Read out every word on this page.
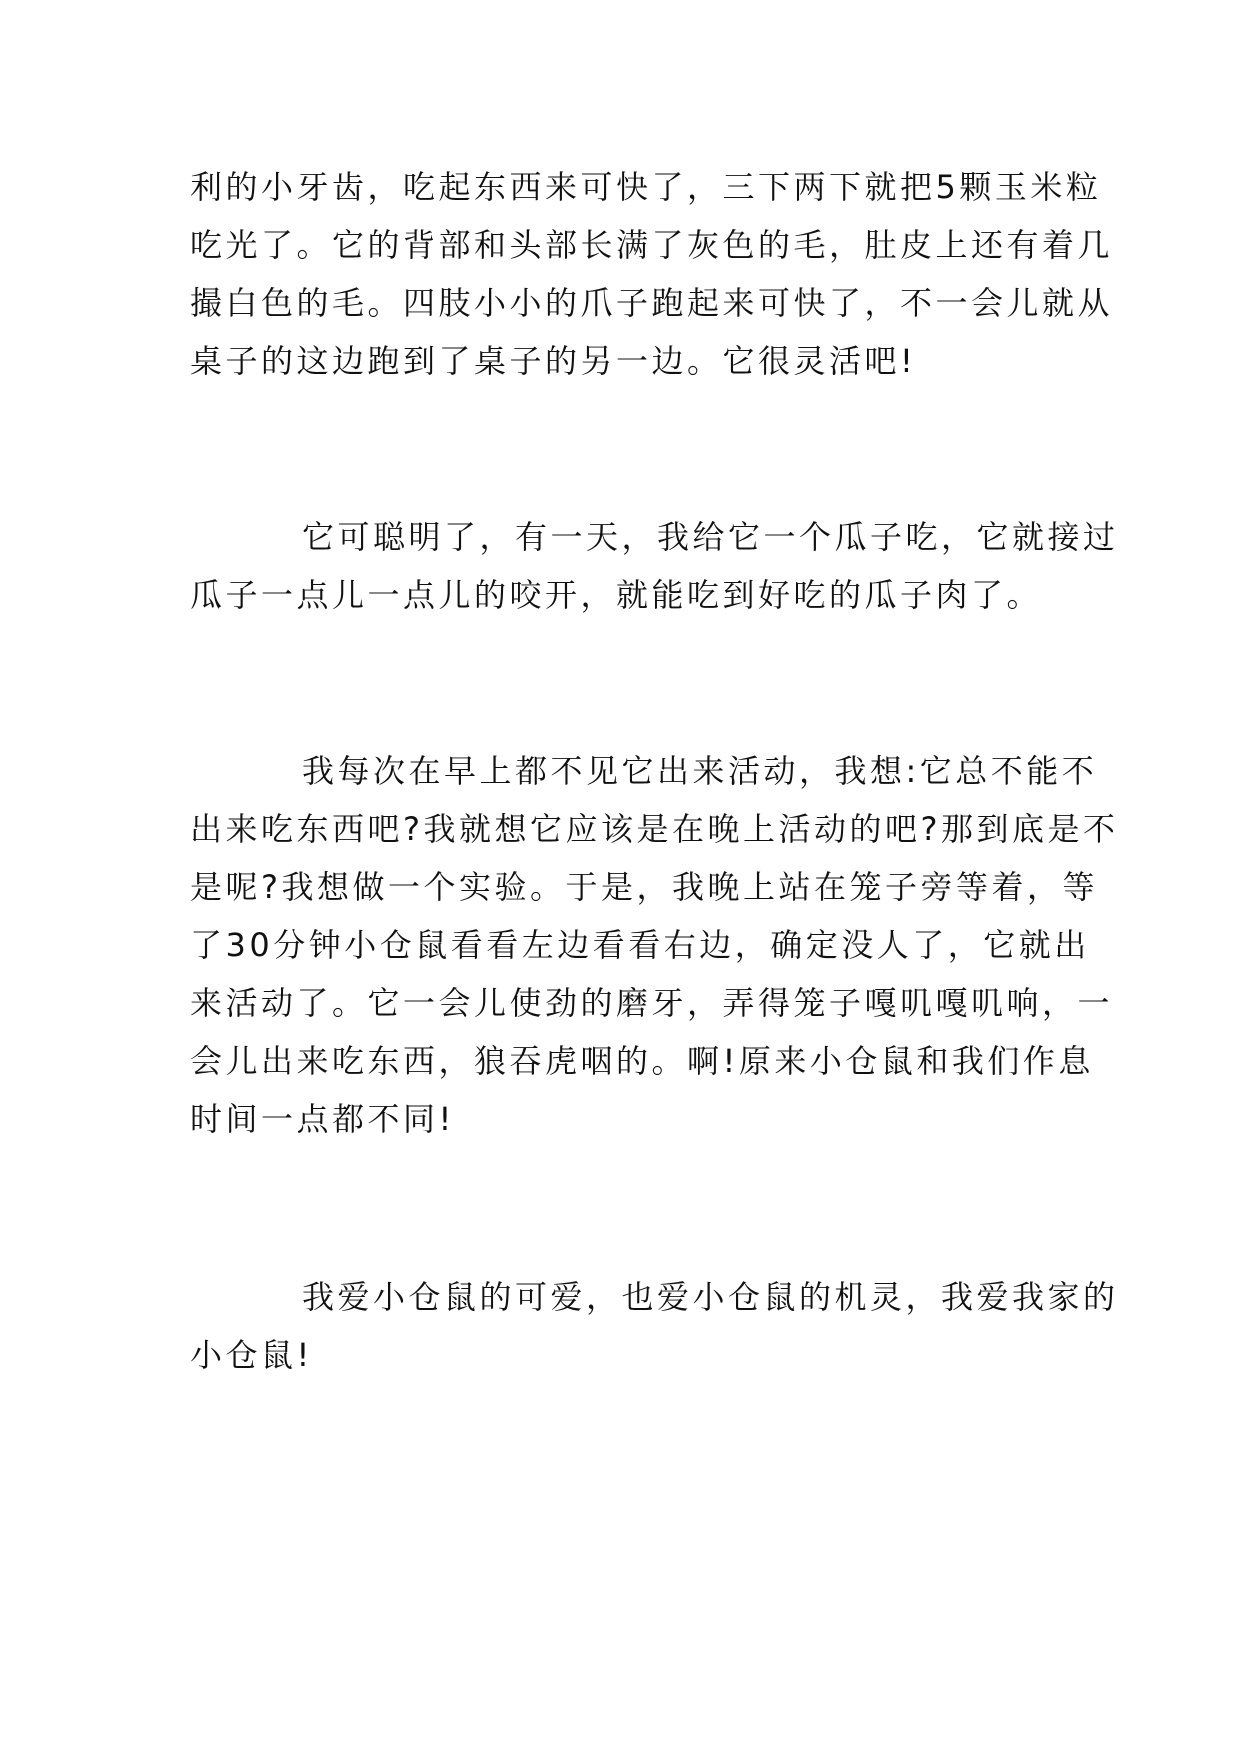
利的小牙齿，吃起东西来可快了，三下两下就把5颗玉米粒
吃光了。它的背部和头部长满了灰色的毛，肚皮上还有着几
撮白色的毛。四肢小小的爪子跑起来可快了，不一会儿就从
桌子的这边跑到了桌子的另一边。它很灵活吧!
它可聪明了，有一天，我给它一个瓜子吃，它就接过
瓜子一点儿一点儿的咬开，就能吃到好吃的瓜子肉了。
我每次在早上都不见它出来活动，我想:它总不能不
出来吃东西吧?我就想它应该是在晚上活动的吧?那到底是不
是呢?我想做一个实验。于是，我晚上站在笼子旁等着，等
了30分钟小仓鼠看看左边看看右边，确定没人了，它就出
来活动了。它一会儿使劲的磨牙，弄得笼子嘎叽嘎叽响，一
会儿出来吃东西，狼吞虎咽的。啊!原来小仓鼠和我们作息
时间一点都不同!
我爱小仓鼠的可爱，也爱小仓鼠的机灵，我爱我家的
小仓鼠!
